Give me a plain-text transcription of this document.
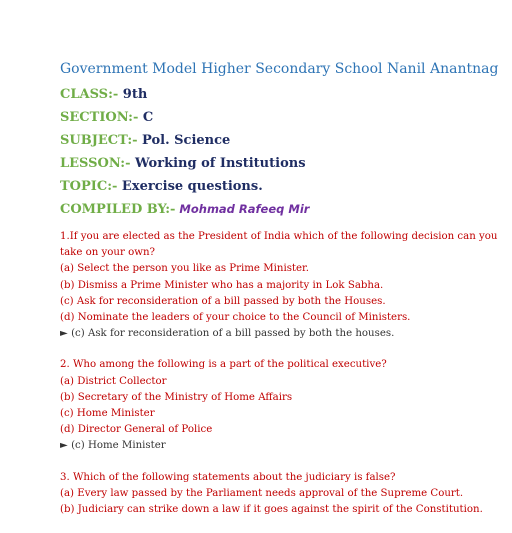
Government Model Higher Secondary School Nanil Anantnag
CLASS:- 9th
SECTION:- C
SUBJECT:- Pol. Science
LESSON:- Working of Institutions
TOPIC:- Exercise questions.
COMPILED BY:- Mohmad Rafeeq Mir
1.If you are elected as the President of India which of the following decision can you take on your own?
(a) Select the person you like as Prime Minister.
(b) Dismiss a Prime Minister who has a majority in Lok Sabha.
(c) Ask for reconsideration of a bill passed by both the Houses.
(d) Nominate the leaders of your choice to the Council of Ministers.
► (c) Ask for reconsideration of a bill passed by both the houses.
2. Who among the following is a part of the political executive?
(a) District Collector
(b) Secretary of the Ministry of Home Affairs
(c) Home Minister
(d) Director General of Police
► (c) Home Minister
3. Which of the following statements about the judiciary is false?
(a) Every law passed by the Parliament needs approval of the Supreme Court.
(b) Judiciary can strike down a law if it goes against the spirit of the Constitution.
